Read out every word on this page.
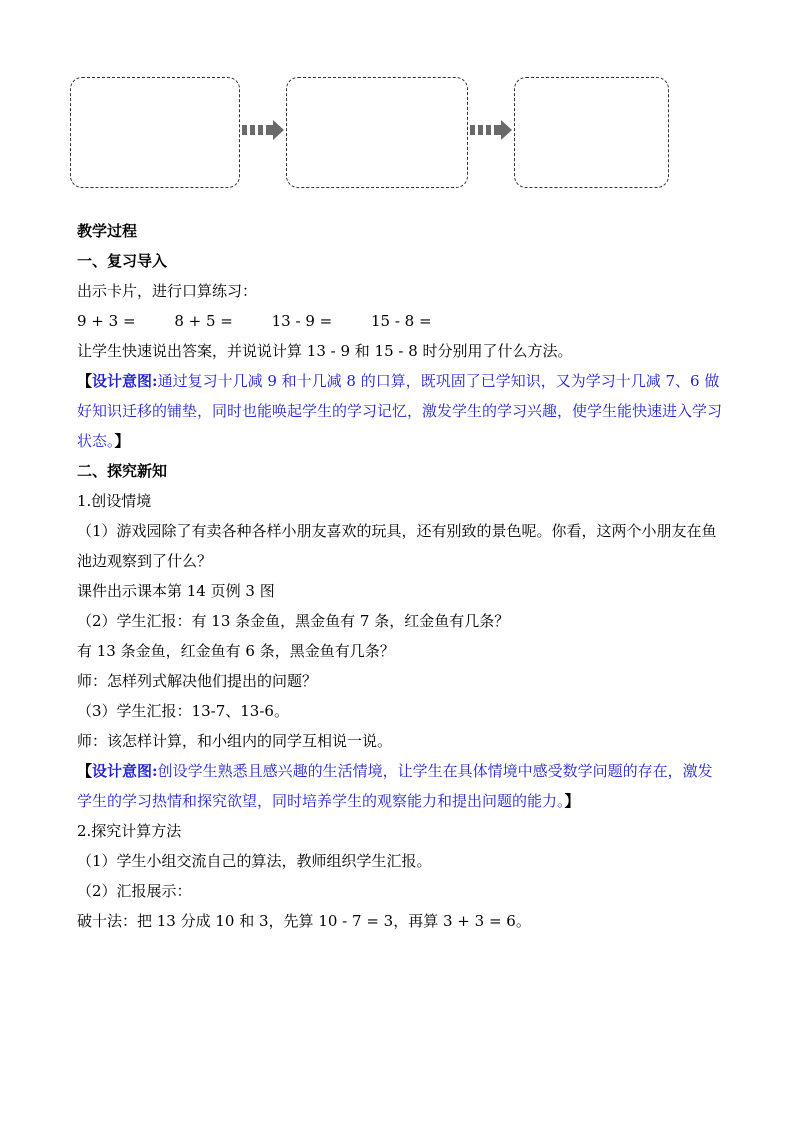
教学过程
一、复习导入
出示卡片，进行口算练习：
9 + 3 =	8 + 5 =	13 - 9 =	15 - 8 =
让学生快速说出答案，并说说计算 13 - 9 和 15 - 8 时分别用了什么方法。

【设计意图:通过复习十几减 9 和十几减 8 的口算，既巩固了已学知识，又为学习十几减 7、6 做好知识迁移的铺垫，同时也能唤起学生的学习记忆，激发学生的学习兴趣，使学生能快速进入学习状态。】

二、探究新知
1.创设情境
（1）游戏园除了有卖各种各样小朋友喜欢的玩具，还有别致的景色呢。你看，这两个小朋友在鱼池边观察到了什么？
课件出示课本第 14 页例 3 图
（2）学生汇报：有 13 条金鱼，黑金鱼有 7 条，红金鱼有几条？
有 13 条金鱼，红金鱼有 6 条，黑金鱼有几条？
师：怎样列式解决他们提出的问题？
（3）学生汇报：13-7、13-6。
师：该怎样计算，和小组内的同学互相说一说。

【设计意图:创设学生熟悉且感兴趣的生活情境，让学生在具体情境中感受数学问题的存在，激发学生的学习热情和探究欲望，同时培养学生的观察能力和提出问题的能力。】

2.探究计算方法
（1）学生小组交流自己的算法，教师组织学生汇报。
（2）汇报展示：
破十法：把 13 分成 10 和 3，先算 10 - 7 = 3，再算 3 + 3 = 6。
